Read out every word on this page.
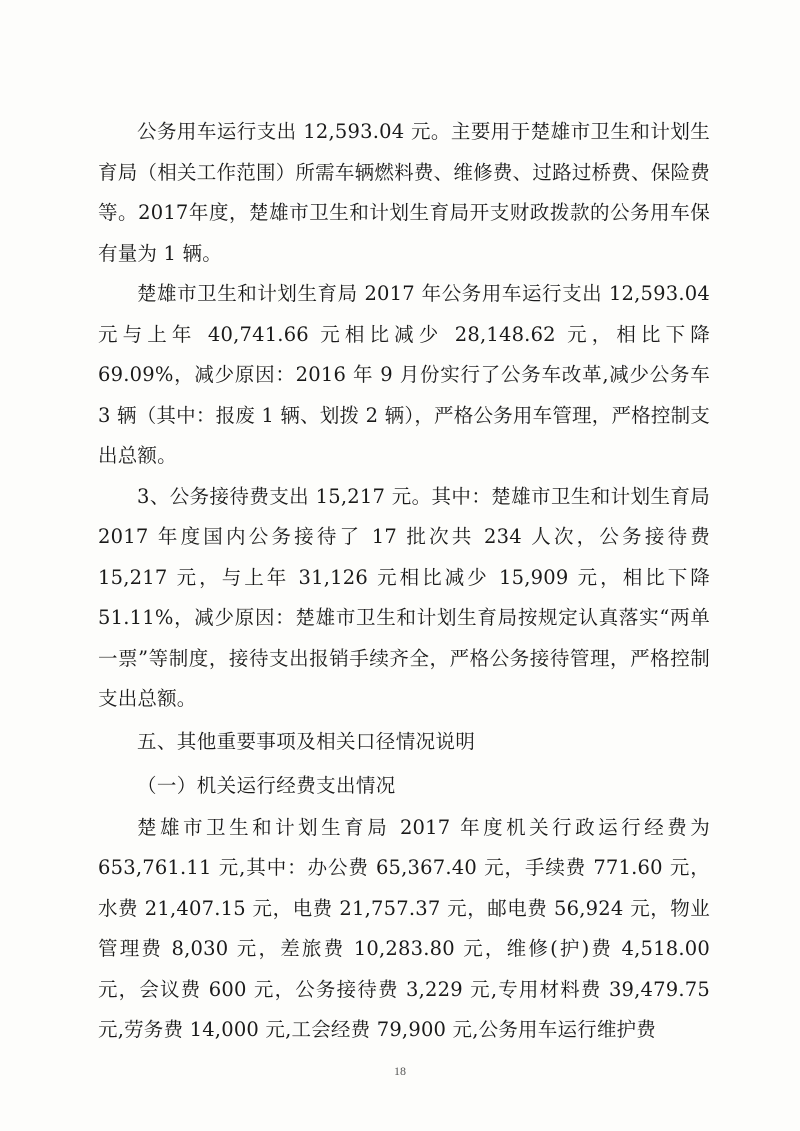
公务用车运行支出 12,593.04 元。主要用于楚雄市卫生和计划生育局（相关工作范围）所需车辆燃料费、维修费、过路过桥费、保险费等。2017年度，楚雄市卫生和计划生育局开支财政拨款的公务用车保有量为 1 辆。

楚雄市卫生和计划生育局 2017 年公务用车运行支出 12,593.04元与上年 40,741.66 元相比减少 28,148.62 元，相比下降 69.09%，减少原因：2016 年 9 月份实行了公务车改革,减少公务车 3 辆（其中：报废 1 辆、划拨 2 辆），严格公务用车管理，严格控制支出总额。

3、公务接待费支出 15,217 元。其中：楚雄市卫生和计划生育局 2017 年度国内公务接待了 17 批次共 234 人次，公务接待费 15,217 元，与上年 31,126 元相比减少 15,909 元，相比下降 51.11%，减少原因：楚雄市卫生和计划生育局按规定认真落实“两单一票”等制度，接待支出报销手续齐全，严格公务接待管理，严格控制支出总额。

五、其他重要事项及相关口径情况说明

（一）机关运行经费支出情况

楚雄市卫生和计划生育局 2017 年度机关行政运行经费为 653,761.11 元,其中：办公费 65,367.40 元，手续费 771.60 元，水费 21,407.15 元，电费 21,757.37 元，邮电费 56,924 元，物业管理费 8,030 元，差旅费 10,283.80 元，维修(护)费 4,518.00 元，会议费 600 元，公务接待费 3,229 元,专用材料费 39,479.75 元,劳务费 14,000 元,工会经费 79,900 元,公务用车运行维护费

18
